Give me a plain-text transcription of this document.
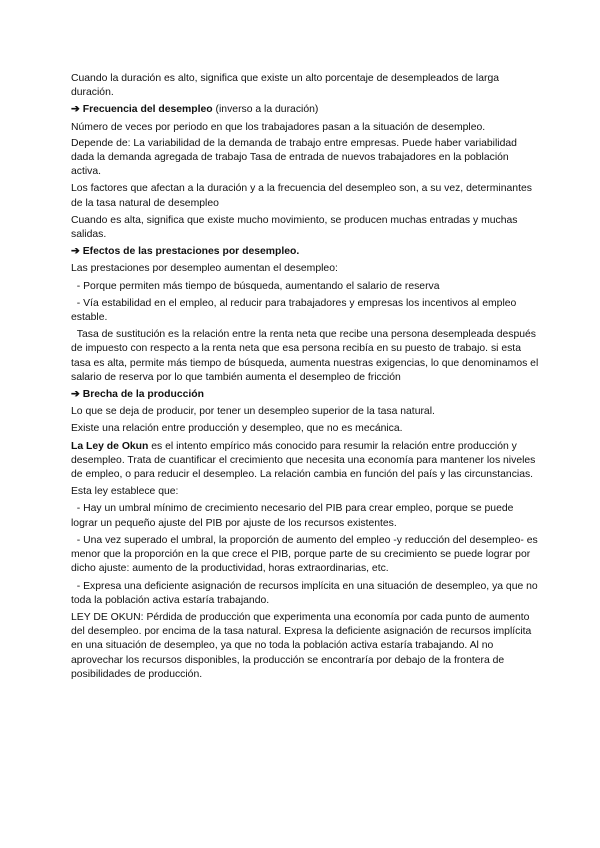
Cuando la duración es alto, significa que existe un alto porcentaje de desempleados de larga duración.

➔ Frecuencia del desempleo (inverso a la duración)

Número de veces por periodo en que los trabajadores pasan a la situación de desempleo.

Depende de: La variabilidad de la demanda de trabajo entre empresas. Puede haber variabilidad dada la demanda agregada de trabajo Tasa de entrada de nuevos trabajadores en la población activa.

Los factores que afectan a la duración y a la frecuencia del desempleo son, a su vez, determinantes de la tasa natural de desempleo

Cuando es alta, significa que existe mucho movimiento, se producen muchas entradas y muchas salidas.

➔ Efectos de las prestaciones por desempleo.

Las prestaciones por desempleo aumentan el desempleo:

- Porque permiten más tiempo de búsqueda, aumentando el salario de reserva

- Vía estabilidad en el empleo, al reducir para trabajadores y empresas los incentivos al empleo estable.

Tasa de sustitución es la relación entre la renta neta que recibe una persona desempleada después de impuesto con respecto a la renta neta que esa persona recibía en su puesto de trabajo. si esta tasa es alta, permite más tiempo de búsqueda, aumenta nuestras exigencias, lo que denominamos el salario de reserva por lo que también aumenta el desempleo de fricción

➔ Brecha de la producción

Lo que se deja de producir, por tener un desempleo superior de la tasa natural.

Existe una relación entre producción y desempleo, que no es mecánica.

La Ley de Okun es el intento empírico más conocido para resumir la relación entre producción y desempleo. Trata de cuantificar el crecimiento que necesita una economía para mantener los niveles de empleo, o para reducir el desempleo. La relación cambia en función del país y las circunstancias.

Esta ley establece que:

- Hay un umbral mínimo de crecimiento necesario del PIB para crear empleo, porque se puede lograr un pequeño ajuste del PIB por ajuste de los recursos existentes.

- Una vez superado el umbral, la proporción de aumento del empleo -y reducción del desempleo- es menor que la proporción en la que crece el PIB, porque parte de su crecimiento se puede lograr por dicho ajuste: aumento de la productividad, horas extraordinarias, etc.

- Expresa una deficiente asignación de recursos implícita en una situación de desempleo, ya que no toda la población activa estaría trabajando.

LEY DE OKUN: Pérdida de producción que experimenta una economía por cada punto de aumento del desempleo. por encima de la tasa natural. Expresa la deficiente asignación de recursos implícita en una situación de desempleo, ya que no toda la población activa estaría trabajando. Al no aprovechar los recursos disponibles, la producción se encontraría por debajo de la frontera de posibilidades de producción.
